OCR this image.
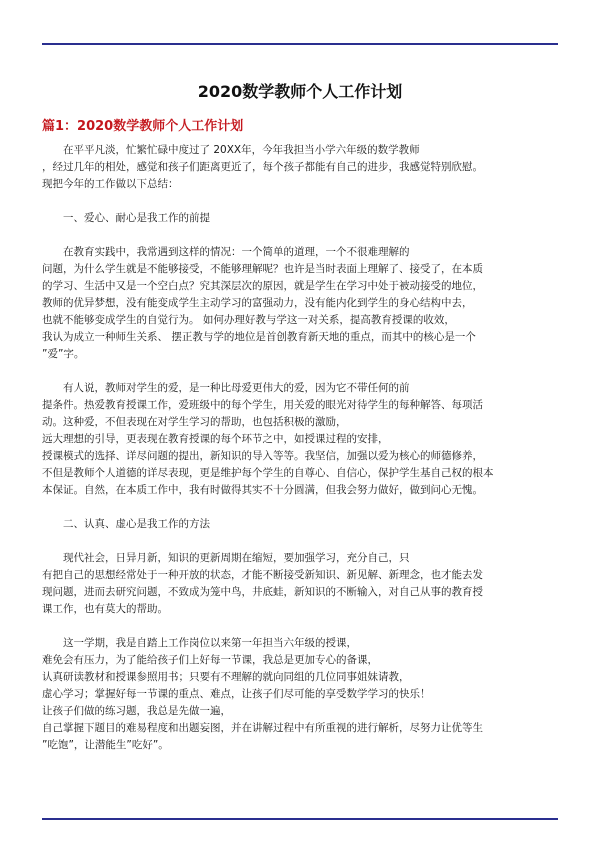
2020数学教师个人工作计划
篇1：2020数学教师个人工作计划
在平平凡淡，忙繁忙碌中度过了 20XX年，今年我担当小学六年级的数学教师
，经过几年的相处，感觉和孩子们距离更近了，每个孩子都能有自己的进步，我感觉特别欣慰。
现把今年的工作做以下总结：
一、爱心、耐心是我工作的前提
在教育实践中，我常遇到这样的情况：一个简单的道理，一个不很难理解的
问题，为什么学生就是不能够接受，不能够理解呢？也许是当时表面上理解了、接受了，在本质
的学习、生活中又是一个空白点？究其深层次的原因，就是学生在学习中处于被动接受的地位，
教师的优异梦想，没有能变成学生主动学习的富强动力，没有能内化到学生的身心结构中去，
也就不能够变成学生的自觉行为。 如何办理好教与学这一对关系，提高教育授课的收效，
我认为成立一种师生关系、 摆正教与学的地位是首创教育新天地的重点，而其中的核心是一个
”爱”字。
有人说，教师对学生的爱，是一种比母爱更伟大的爱，因为它不带任何的前
提条件。热爱教育授课工作，爱班级中的每个学生，用关爱的眼光对待学生的每种解答、每项活
动。这种爱，不但表现在对学生学习的帮助，也包括积极的激励，
远大理想的引导，更表现在教育授课的每个环节之中，如授课过程的安排，
授课模式的选择、详尽问题的提出，新知识的导入等等。我坚信，加强以爱为核心的师德修养，
不但是教师个人道德的详尽表现，更是维护每个学生的自尊心、自信心，保护学生基自己权的根本
本保证。自然，在本质工作中，我有时做得其实不十分圆满，但我会努力做好，做到问心无愧。
二、认真、虚心是我工作的方法
现代社会，日异月新，知识的更新周期在缩短，要加强学习，充分自己，只
有把自己的思想经常处于一种开放的状态，才能不断接受新知识、新见解、新理念，也才能去发
现问题，进而去研究问题，不致成为笼中鸟，井底蛙，新知识的不断输入，对自己从事的教育授
课工作，也有莫大的帮助。
这一学期，我是自踏上工作岗位以来第一年担当六年级的授课，
难免会有压力，为了能给孩子们上好每一节课，我总是更加专心的备课，
认真研读教材和授课参照用书；只要有不理解的就向同组的几位同事姐妹请教，
虚心学习；掌握好每一节课的重点、难点，让孩子们尽可能的享受数学学习的快乐！
让孩子们做的练习题，我总是先做一遍，
自己掌握下题目的难易程度和出题妄图，并在讲解过程中有所重视的进行解析，尽努力让优等生
”吃饱”，让潜能生”吃好”。
